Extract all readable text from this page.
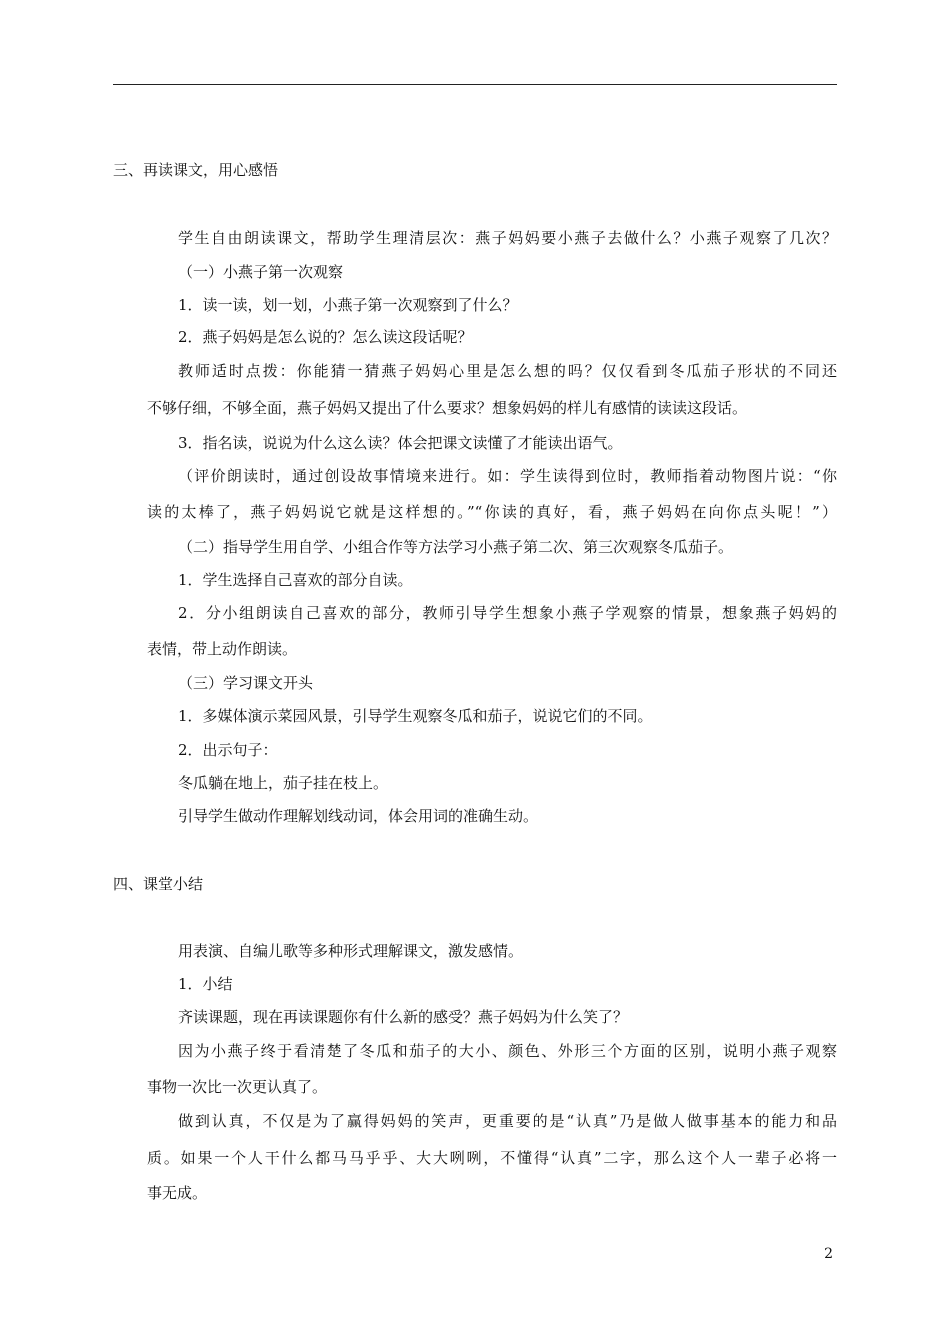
三、再读课文，用心感悟
学生自由朗读课文，帮助学生理清层次：燕子妈妈要小燕子去做什么？小燕子观察了几次？
（一）小燕子第一次观察
1．读一读，划一划，小燕子第一次观察到了什么？
2．燕子妈妈是怎么说的？怎么读这段话呢？
教师适时点拨：你能猜一猜燕子妈妈心里是怎么想的吗？仅仅看到冬瓜茄子形状的不同还
不够仔细，不够全面，燕子妈妈又提出了什么要求？想象妈妈的样儿有感情的读读这段话。
3．指名读，说说为什么这么读？体会把课文读懂了才能读出语气。
（评价朗读时，通过创设故事情境来进行。如：学生读得到位时，教师指着动物图片说：“你
读的太棒了，燕子妈妈说它就是这样想的。”“你读的真好，看，燕子妈妈在向你点头呢！”）
（二）指导学生用自学、小组合作等方法学习小燕子第二次、第三次观察冬瓜茄子。
1．学生选择自己喜欢的部分自读。
2．分小组朗读自己喜欢的部分，教师引导学生想象小燕子学观察的情景，想象燕子妈妈的
表情，带上动作朗读。
（三）学习课文开头
1．多媒体演示菜园风景，引导学生观察冬瓜和茄子，说说它们的不同。
2．出示句子：
冬瓜躺在地上，茄子挂在枝上。
引导学生做动作理解划线动词，体会用词的准确生动。
四、课堂小结
用表演、自编儿歌等多种形式理解课文，激发感情。
1．小结
齐读课题，现在再读课题你有什么新的感受？燕子妈妈为什么笑了？
因为小燕子终于看清楚了冬瓜和茄子的大小、颜色、外形三个方面的区别，说明小燕子观察
事物一次比一次更认真了。
做到认真，不仅是为了赢得妈妈的笑声，更重要的是“认真”乃是做人做事基本的能力和品
质。如果一个人干什么都马马乎乎、大大咧咧，不懂得“认真”二字，那么这个人一辈子必将一
事无成。
2
